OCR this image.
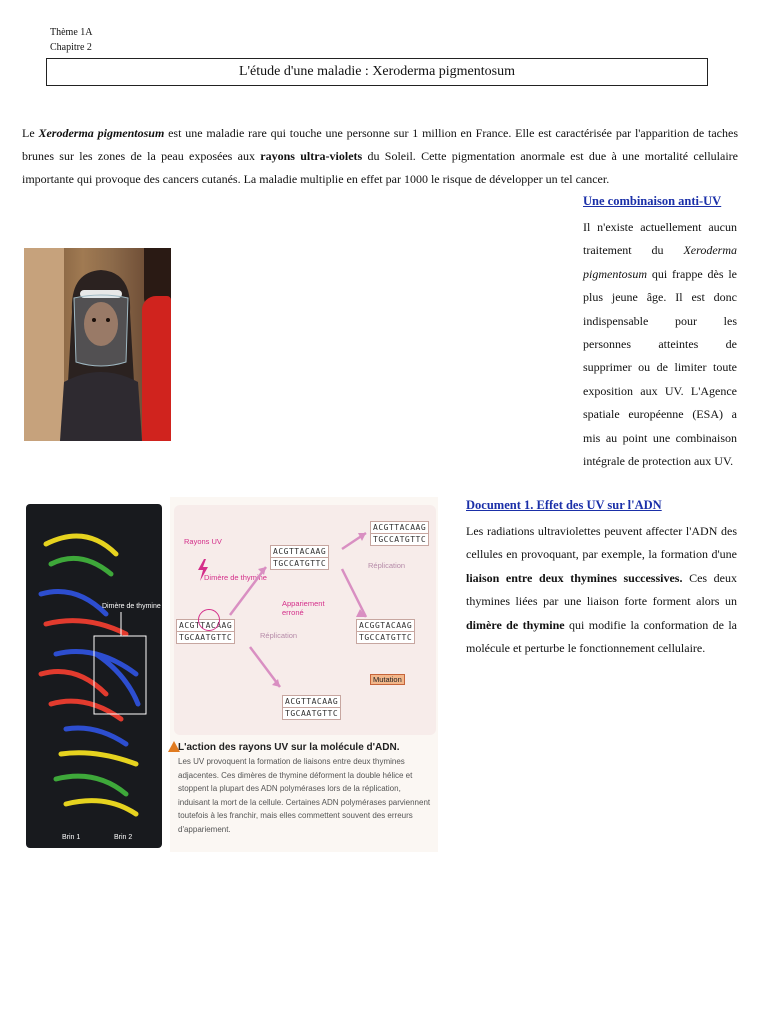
Thème 1A
Chapitre 2
L'étude d'une maladie : Xeroderma pigmentosum

Le Xeroderma pigmentosum est une maladie rare qui touche une personne sur 1 million en France. Elle est caractérisée par l'apparition de taches brunes sur les zones de la peau exposées aux rayons ultra-violets du Soleil. Cette pigmentation anormale est due à une mortalité cellulaire importante qui provoque des cancers cutanés. La maladie multiplie en effet par 1000 le risque de développer un tel cancer.

Une combinaison anti-UV
Il n'existe actuellement aucun traitement du Xeroderma pigmentosum qui frappe dès le plus jeune âge. Il est donc indispensable pour les personnes atteintes de supprimer ou de limiter toute exposition aux UV. L'Agence spatiale européenne (ESA) a mis au point une combinaison intégrale de protection aux UV.
Dimère de thymine
Brin 1	Brin 2
Rayons UV
Dimère de thymine
ACGTTACAAG
TGCAATGTTC
ACGTTACAAG
TGCCATGTTC
Appariement erroné
ACGTTACAAG
TGCCATGTTC
Réplication
ACGGTACAAG
TGCCATGTTC
Mutation
Réplication
ACGTTACAAG
TGCAATGTTC
L'action des rayons UV sur la molécule d'ADN.
Les UV provoquent la formation de liaisons entre deux thymines adjacentes. Ces dimères de thymine déforment la double hélice et stoppent la plupart des ADN polymérases lors de la réplication, induisant la mort de la cellule. Certaines ADN polymérases parviennent toutefois à les franchir, mais elles commettent souvent des erreurs d'appariement.
Document 1. Effet des UV sur l'ADN
Les radiations ultraviolettes peuvent affecter l'ADN des cellules en provoquant, par exemple, la formation d'une liaison entre deux thymines successives. Ces deux thymines liées par une liaison forte forment alors un dimère de thymine qui modifie la conformation de la molécule et perturbe le fonctionnement cellulaire.
